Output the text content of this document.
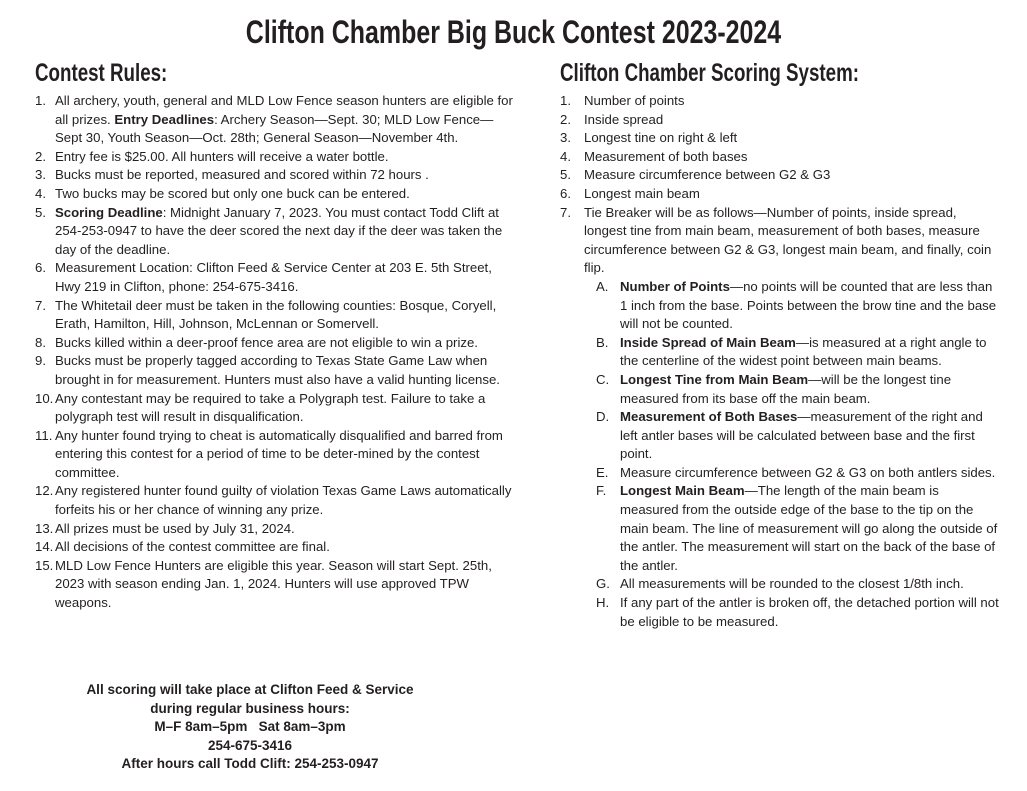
Clifton Chamber Big Buck Contest 2023-2024
Contest Rules:
1. All archery, youth, general and MLD Low Fence season hunters are eligible for all prizes. Entry Deadlines: Archery Season—Sept. 30; MLD Low Fence—Sept 30, Youth Season—Oct. 28th; General Season—November 4th.
2. Entry fee is $25.00. All hunters will receive a water bottle.
3. Bucks must be reported, measured and scored within 72 hours .
4. Two bucks may be scored but only one buck can be entered.
5. Scoring Deadline: Midnight January 7, 2023. You must contact Todd Clift at 254-253-0947 to have the deer scored the next day if the deer was taken the day of the deadline.
6. Measurement Location: Clifton Feed & Service Center at 203 E. 5th Street, Hwy 219 in Clifton, phone: 254-675-3416.
7. The Whitetail deer must be taken in the following counties: Bosque, Coryell, Erath, Hamilton, Hill, Johnson, McLennan or Somervell.
8. Bucks killed within a deer-proof fence area are not eligible to win a prize.
9. Bucks must be properly tagged according to Texas State Game Law when brought in for measurement. Hunters must also have a valid hunting license.
10. Any contestant may be required to take a Polygraph test. Failure to take a polygraph test will result in disqualification.
11. Any hunter found trying to cheat is automatically disqualified and barred from entering this contest for a period of time to be deter-mined by the contest committee.
12. Any registered hunter found guilty of violation Texas Game Laws automatically forfeits his or her chance of winning any prize.
13. All prizes must be used by July 31, 2024.
14. All decisions of the contest committee are final.
15. MLD Low Fence Hunters are eligible this year. Season will start Sept. 25th, 2023 with season ending Jan. 1, 2024. Hunters will use approved TPW weapons.
All scoring will take place at Clifton Feed & Service
during regular business hours:
M–F 8am–5pm   Sat 8am–3pm
254-675-3416
After hours call Todd Clift: 254-253-0947
Clifton Chamber Scoring System:
1. Number of points
2. Inside spread
3. Longest tine on right & left
4. Measurement of both bases
5. Measure circumference between G2 & G3
6. Longest main beam
7. Tie Breaker will be as follows—Number of points, inside spread, longest tine from main beam, measurement of both bases, measure circumference between G2 & G3, longest main beam, and finally, coin flip.
A. Number of Points—no points will be counted that are less than 1 inch from the base. Points between the brow tine and the base will not be counted.
B. Inside Spread of Main Beam—is measured at a right angle to the centerline of the widest point between main beams.
C. Longest Tine from Main Beam—will be the longest tine measured from its base off the main beam.
D. Measurement of Both Bases—measurement of the right and left antler bases will be calculated between base and the first point.
E. Measure circumference between G2 & G3 on both antlers sides.
F. Longest Main Beam—The length of the main beam is measured from the outside edge of the base to the tip on the main beam. The line of measurement will go along the outside of the antler. The measurement will start on the back of the base of the antler.
G. All measurements will be rounded to the closest 1/8th inch.
H. If any part of the antler is broken off, the detached portion will not be eligible to be measured.
